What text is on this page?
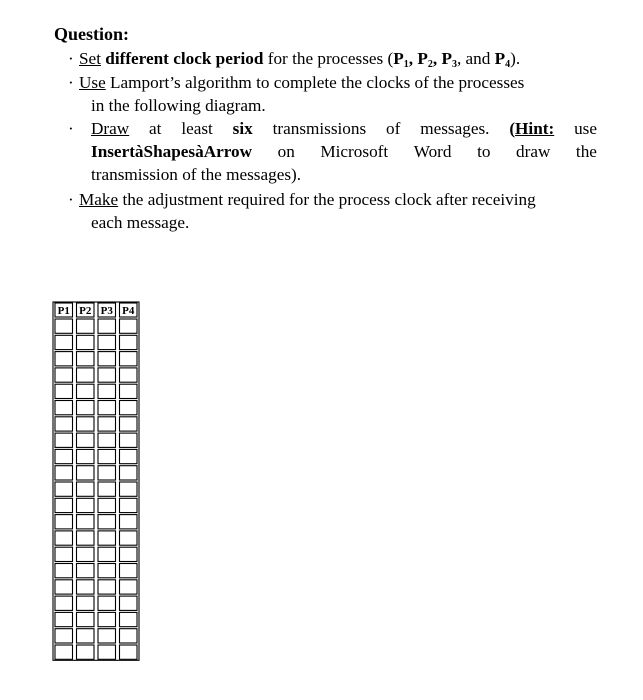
Question:
· Set different clock period for the processes ($P_1$, $P_2$, $P_3$, and $P_4$).
· Use Lamport’s algorithm to complete the clocks of the processes
in the following diagram.
· Draw at least six transmissions of messages. (Hint: use
InsertàShapesàArrow on Microsoft Word to draw the
transmission of the messages).
· Make the adjustment required for the process clock after receiving
each message.
P1 P2 P3 P4
